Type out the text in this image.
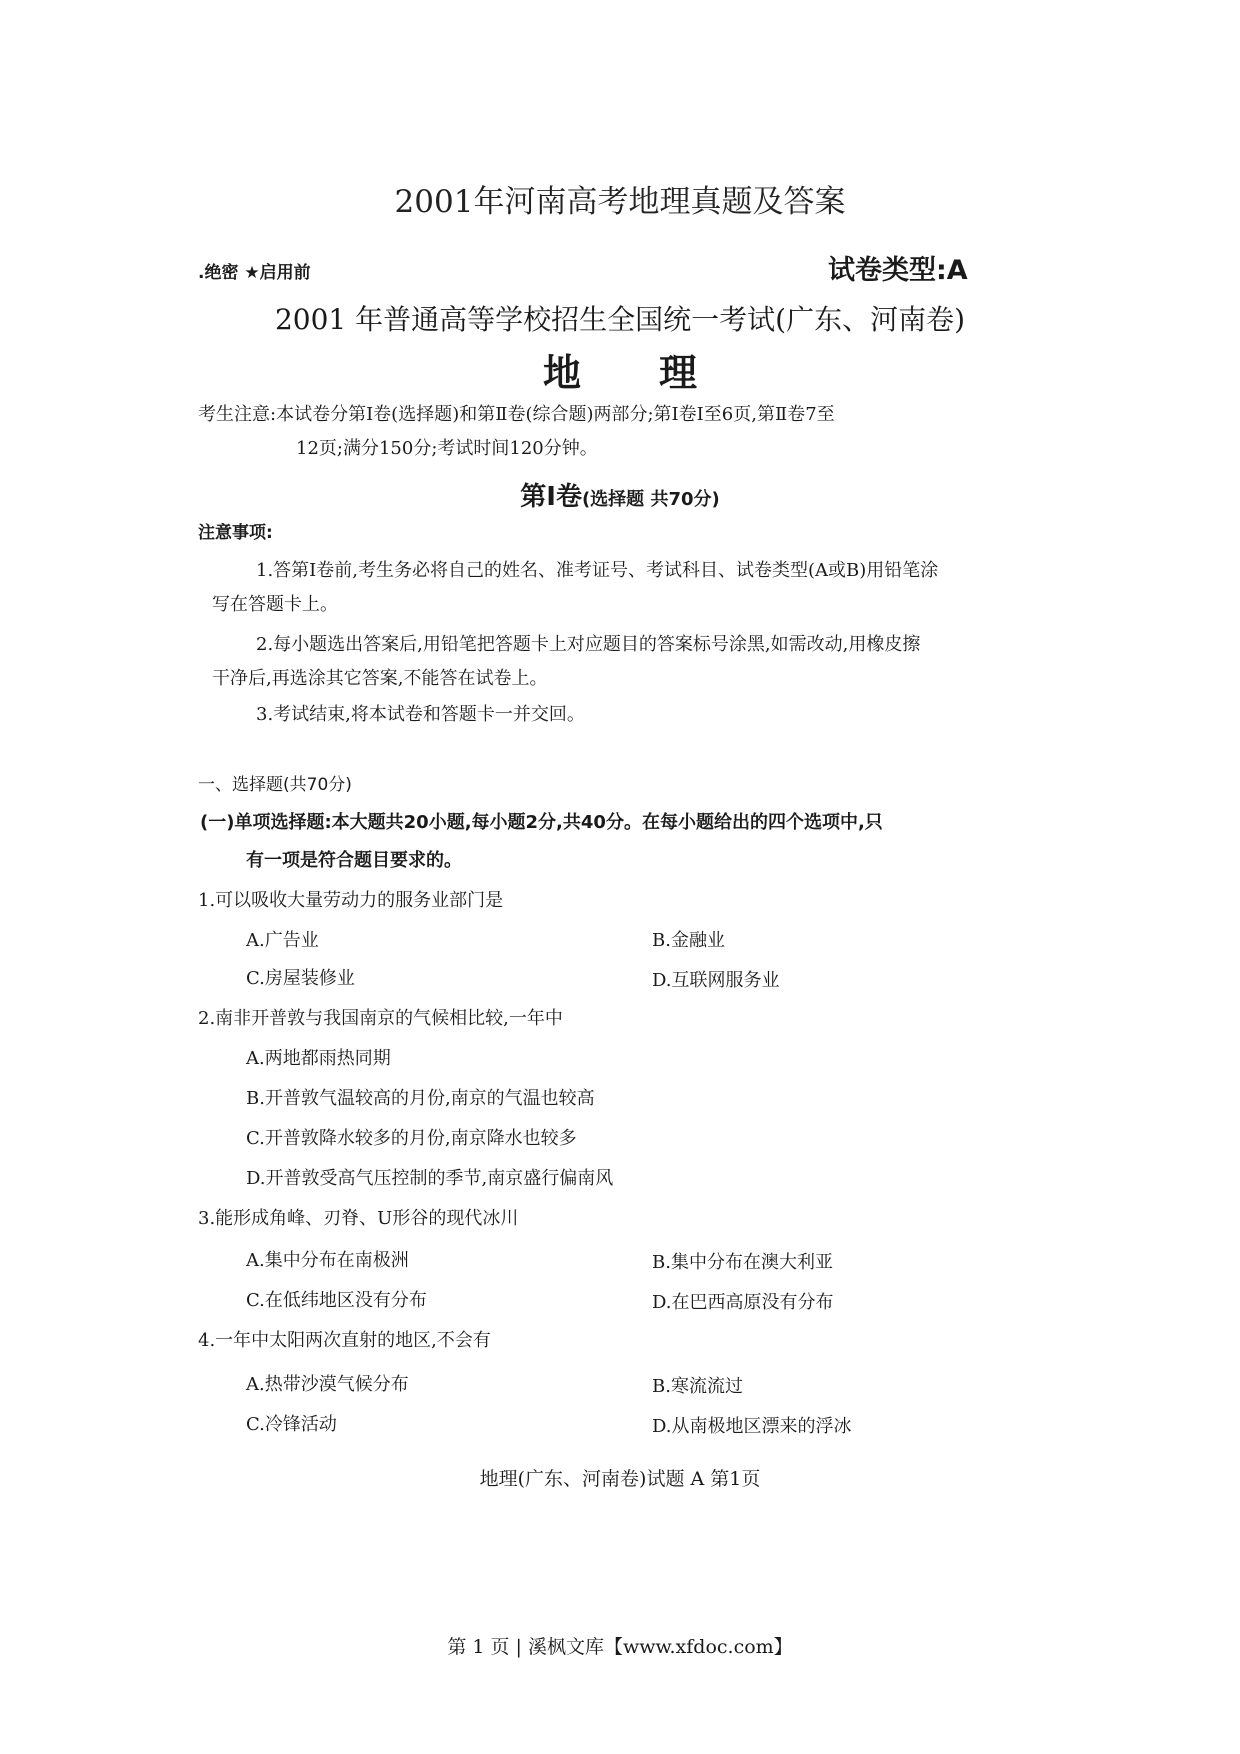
2001年河南高考地理真题及答案
.绝密 ★启用前	试卷类型:A
2001 年普通高等学校招生全国统一考试(广东、河南卷)
地理
考生注意:本试卷分第Ⅰ卷(选择题)和第Ⅱ卷(综合题)两部分;第Ⅰ卷Ⅰ至6页,第Ⅱ卷7至
12页;满分150分;考试时间120分钟。
第Ⅰ卷(选择题 共70分)
注意事项:
1.答第Ⅰ卷前,考生务必将自己的姓名、准考证号、考试科目、试卷类型(A或B)用铅笔涂
写在答题卡上。
2.每小题选出答案后,用铅笔把答题卡上对应题目的答案标号涂黑,如需改动,用橡皮擦
干净后,再选涂其它答案,不能答在试卷上。
3.考试结束,将本试卷和答题卡一并交回。
一、选择题(共70分)
(一)单项选择题:本大题共20小题,每小题2分,共40分。在每小题给出的四个选项中,只
有一项是符合题目要求的。
1.可以吸收大量劳动力的服务业部门是
A.广告业	B.金融业
C.房屋装修业	D.互联网服务业
2.南非开普敦与我国南京的气候相比较,一年中
A.两地都雨热同期
B.开普敦气温较高的月份,南京的气温也较高
C.开普敦降水较多的月份,南京降水也较多
D.开普敦受高气压控制的季节,南京盛行偏南风
3.能形成角峰、刃脊、U形谷的现代冰川
A.集中分布在南极洲	B.集中分布在澳大利亚
C.在低纬地区没有分布	D.在巴西高原没有分布
4.一年中太阳两次直射的地区,不会有
A.热带沙漠气候分布	B.寒流流过
C.冷锋活动	D.从南极地区漂来的浮冰
地理(广东、河南卷)试题 A 第1页
第 1 页 | 溪枫文库【www.xfdoc.com】
